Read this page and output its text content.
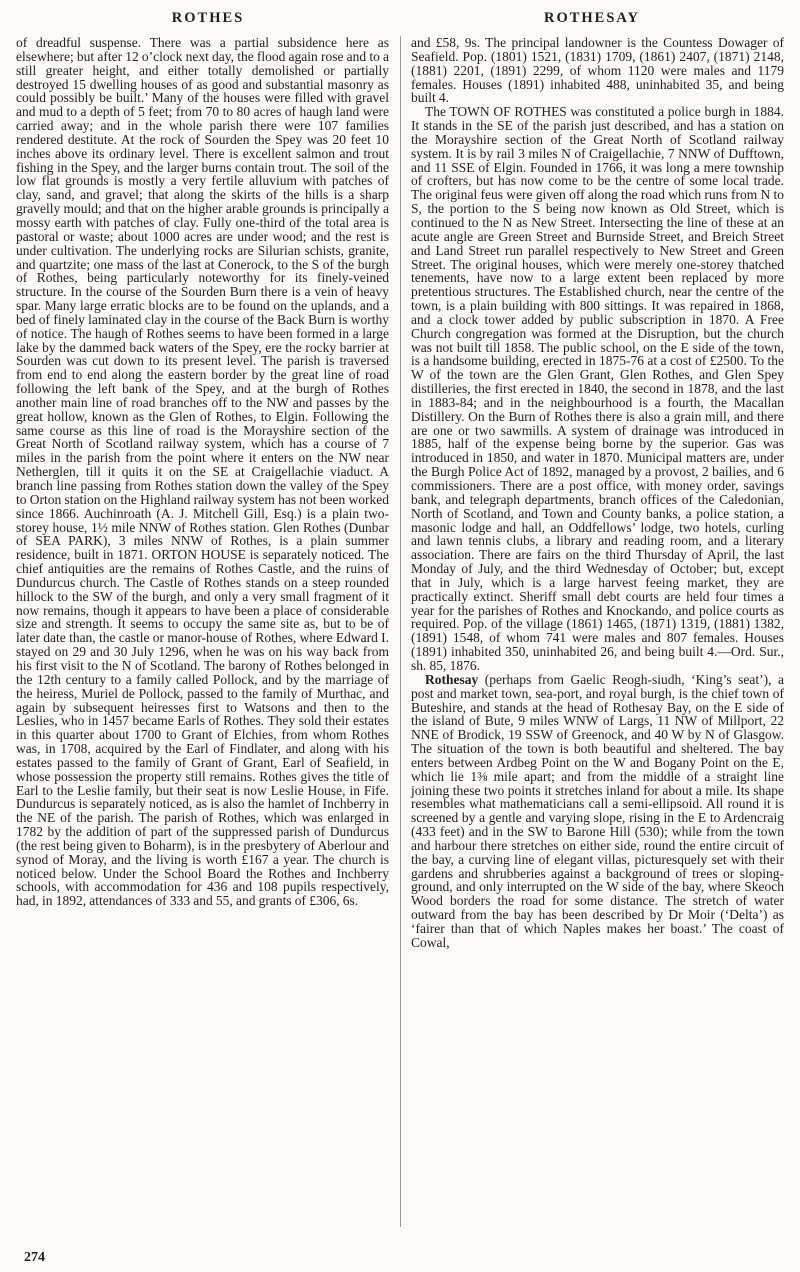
ROTHES	ROTHESAY

of dreadful suspense. There was a partial subsidence here as elsewhere; but after 12 o’clock next day, the flood again rose and to a still greater height, and either totally demolished or partially destroyed 15 dwelling houses of as good and substantial masonry as could possibly be built.’ Many of the houses were filled with gravel and mud to a depth of 5 feet; from 70 to 80 acres of haugh land were carried away; and in the whole parish there were 107 families rendered destitute. At the rock of Sourden the Spey was 20 feet 10 inches above its ordinary level. There is excellent salmon and trout fishing in the Spey, and the larger burns contain trout. The soil of the low flat grounds is mostly a very fertile alluvium with patches of clay, sand, and gravel; that along the skirts of the hills is a sharp gravelly mould; and that on the higher arable grounds is principally a mossy earth with patches of clay. Fully one-third of the total area is pastoral or waste; about 1000 acres are under wood; and the rest is under cultivation. The underlying rocks are Silurian schists, granite, and quartzite; one mass of the last at Conerock, to the S of the burgh of Rothes, being particularly noteworthy for its finely-veined structure. In the course of the Sourden Burn there is a vein of heavy spar. Many large erratic blocks are to be found on the uplands, and a bed of finely laminated clay in the course of the Back Burn is worthy of notice. The haugh of Rothes seems to have been formed in a large lake by the dammed back waters of the Spey, ere the rocky barrier at Sourden was cut down to its present level. The parish is traversed from end to end along the eastern border by the great line of road following the left bank of the Spey, and at the burgh of Rothes another main line of road branches off to the NW and passes by the great hollow, known as the Glen of Rothes, to Elgin. Following the same course as this line of road is the Morayshire section of the Great North of Scotland railway system, which has a course of 7 miles in the parish from the point where it enters on the NW near Netherglen, till it quits it on the SE at Craigellachie viaduct. A branch line passing from Rothes station down the valley of the Spey to Orton station on the Highland railway system has not been worked since 1866. Auchinroath (A. J. Mitchell Gill, Esq.) is a plain two-storey house, 1½ mile NNW of Rothes station. Glen Rothes (Dunbar of SEA PARK), 3 miles NNW of Rothes, is a plain summer residence, built in 1871. ORTON HOUSE is separately noticed. The chief antiquities are the remains of Rothes Castle, and the ruins of Dundurcus church. The Castle of Rothes stands on a steep rounded hillock to the SW of the burgh, and only a very small fragment of it now remains, though it appears to have been a place of considerable size and strength. It seems to occupy the same site as, but to be of later date than, the castle or manor-house of Rothes, where Edward I. stayed on 29 and 30 July 1296, when he was on his way back from his first visit to the N of Scotland. The barony of Rothes belonged in the 12th century to a family called Pollock, and by the marriage of the heiress, Muriel de Pollock, passed to the family of Murthac, and again by subsequent heiresses first to Watsons and then to the Leslies, who in 1457 became Earls of Rothes. They sold their estates in this quarter about 1700 to Grant of Elchies, from whom Rothes was, in 1708, acquired by the Earl of Findlater, and along with his estates passed to the family of Grant of Grant, Earl of Seafield, in whose possession the property still remains. Rothes gives the title of Earl to the Leslie family, but their seat is now Leslie House, in Fife. Dundurcus is separately noticed, as is also the hamlet of Inchberry in the NE of the parish. The parish of Rothes, which was enlarged in 1782 by the addition of part of the suppressed parish of Dundurcus (the rest being given to Boharm), is in the presbytery of Aberlour and synod of Moray, and the living is worth £167 a year. The church is noticed below. Under the School Board the Rothes and Inchberry schools, with accommodation for 436 and 108 pupils respectively, had, in 1892, attendances of 333 and 55, and grants of £306, 6s.

and £58, 9s. The principal landowner is the Countess Dowager of Seafield. Pop. (1801) 1521, (1831) 1709, (1861) 2407, (1871) 2148, (1881) 2201, (1891) 2299, of whom 1120 were males and 1179 females. Houses (1891) inhabited 488, uninhabited 35, and being built 4.

The TOWN OF ROTHES was constituted a police burgh in 1884. It stands in the SE of the parish just described, and has a station on the Morayshire section of the Great North of Scotland railway system. It is by rail 3 miles N of Craigellachie, 7 NNW of Dufftown, and 11 SSE of Elgin. Founded in 1766, it was long a mere township of crofters, but has now come to be the centre of some local trade. The original feus were given off along the road which runs from N to S, the portion to the S being now known as Old Street, which is continued to the N as New Street. Intersecting the line of these at an acute angle are Green Street and Burnside Street, and Breich Street and Land Street run parallel respectively to New Street and Green Street. The original houses, which were merely one-storey thatched tenements, have now to a large extent been replaced by more pretentious structures. The Established church, near the centre of the town, is a plain building with 800 sittings. It was repaired in 1868, and a clock tower added by public subscription in 1870. A Free Church congregation was formed at the Disruption, but the church was not built till 1858. The public school, on the E side of the town, is a handsome building, erected in 1875-76 at a cost of £2500. To the W of the town are the Glen Grant, Glen Rothes, and Glen Spey distilleries, the first erected in 1840, the second in 1878, and the last in 1883-84; and in the neighbourhood is a fourth, the Macallan Distillery. On the Burn of Rothes there is also a grain mill, and there are one or two sawmills. A system of drainage was introduced in 1885, half of the expense being borne by the superior. Gas was introduced in 1850, and water in 1870. Municipal matters are, under the Burgh Police Act of 1892, managed by a provost, 2 bailies, and 6 commissioners. There are a post office, with money order, savings bank, and telegraph departments, branch offices of the Caledonian, North of Scotland, and Town and County banks, a police station, a masonic lodge and hall, an Oddfellows’ lodge, two hotels, curling and lawn tennis clubs, a library and reading room, and a literary association. There are fairs on the third Thursday of April, the last Monday of July, and the third Wednesday of October; but, except that in July, which is a large harvest feeing market, they are practically extinct. Sheriff small debt courts are held four times a year for the parishes of Rothes and Knockando, and police courts as required. Pop. of the village (1861) 1465, (1871) 1319, (1881) 1382, (1891) 1548, of whom 741 were males and 807 females. Houses (1891) inhabited 350, uninhabited 26, and being built 4.—Ord. Sur., sh. 85, 1876.

Rothesay (perhaps from Gaelic Reogh-siudh, ‘King’s seat’), a post and market town, sea-port, and royal burgh, is the chief town of Buteshire, and stands at the head of Rothesay Bay, on the E side of the island of Bute, 9 miles WNW of Largs, 11 NW of Millport, 22 NNE of Brodick, 19 SSW of Greenock, and 40 W by N of Glasgow. The situation of the town is both beautiful and sheltered. The bay enters between Ardbeg Point on the W and Bogany Point on the E, which lie 1⅜ mile apart; and from the middle of a straight line joining these two points it stretches inland for about a mile. Its shape resembles what mathematicians call a semi-ellipsoid. All round it is screened by a gentle and varying slope, rising in the E to Ardencraig (433 feet) and in the SW to Barone Hill (530); while from the town and harbour there stretches on either side, round the entire circuit of the bay, a curving line of elegant villas, picturesquely set with their gardens and shrubberies against a background of trees or sloping-ground, and only interrupted on the W side of the bay, where Skeoch Wood borders the road for some distance. The stretch of water outward from the bay has been described by Dr Moir (‘Delta’) as ‘fairer than that of which Naples makes her boast.’ The coast of Cowal,

274
